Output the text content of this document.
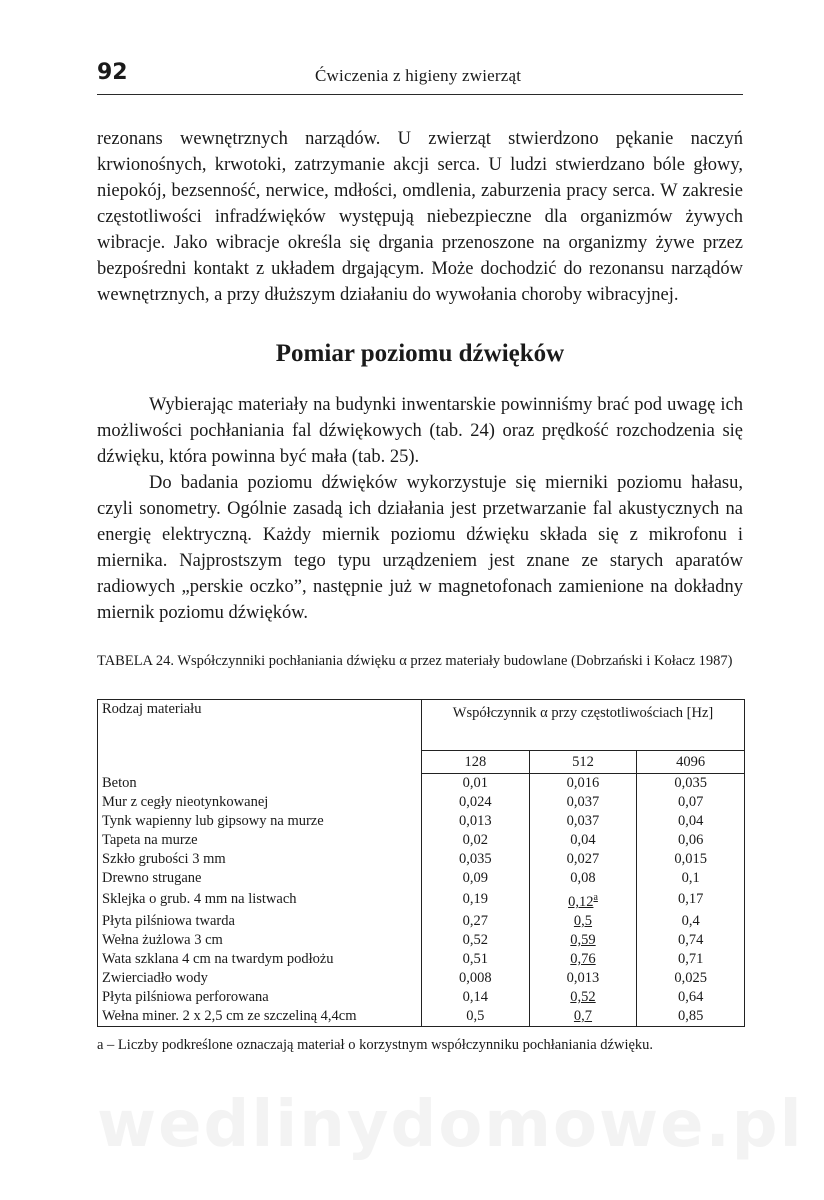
92	Ćwiczenia z higieny zwierząt

rezonans wewnętrznych narządów. U zwierząt stwierdzono pękanie naczyń krwionośnych, krwotoki, zatrzymanie akcji serca. U ludzi stwierdzano bóle głowy, niepokój, bezsenność, nerwice, mdłości, omdlenia, zaburzenia pracy serca. W zakresie częstotliwości infradźwięków występują niebezpieczne dla organizmów żywych wibracje. Jako wibracje określa się drgania przenoszone na organizmy żywe przez bezpośredni kontakt z układem drgającym. Może dochodzić do rezonansu narządów wewnętrznych, a przy dłuższym działaniu do wywołania choroby wibracyjnej.

Pomiar poziomu dźwięków

Wybierając materiały na budynki inwentarskie powinniśmy brać pod uwagę ich możliwości pochłaniania fal dźwiękowych (tab. 24) oraz prędkość rozchodzenia się dźwięku, która powinna być mała (tab. 25).

Do badania poziomu dźwięków wykorzystuje się mierniki poziomu hałasu, czyli sonometry. Ogólnie zasadą ich działania jest przetwarzanie fal akustycznych na energię elektryczną. Każdy miernik poziomu dźwięku składa się z mikrofonu i miernika. Najprostszym tego typu urządzeniem jest znane ze starych aparatów radiowych „perskie oczko”, następnie już w magnetofonach zamienione na dokładny miernik poziomu dźwięków.

TABELA 24. Współczynniki pochłaniania dźwięku α przez materiały budowlane (Dobrzański i Kołacz 1987)
Rodzaj materiału	Współczynnik α przy częstotliwościach [Hz]		
	128	512	4096
Beton	0,01	0,016	0,035
Mur z cegły nieotynkowanej	0,024	0,037	0,07
Tynk wapienny lub gipsowy na murze	0,013	0,037	0,04
Tapeta na murze	0,02	0,04	0,06
Szkło grubości 3 mm	0,035	0,027	0,015
Drewno strugane	0,09	0,08	0,1
Sklejka o grub. 4 mm na listwach	0,19	0,12$^a$	0,17
Płyta pilśniowa twarda	0,27	0,5	0,4
Wełna żużlowa 3 cm	0,52	0,59	0,74
Wata szklana 4 cm na twardym podłożu	0,51	0,76	0,71
Zwierciadło wody	0,008	0,013	0,025
Płyta pilśniowa perforowana	0,14	0,52	0,64
Wełna miner. 2 x 2,5 cm ze szczeliną 4,4cm	0,5	0,7	0,85
a – Liczby podkreślone oznaczają materiał o korzystnym współczynniku pochłaniania dźwięku.
wedlinydomowe.pl
